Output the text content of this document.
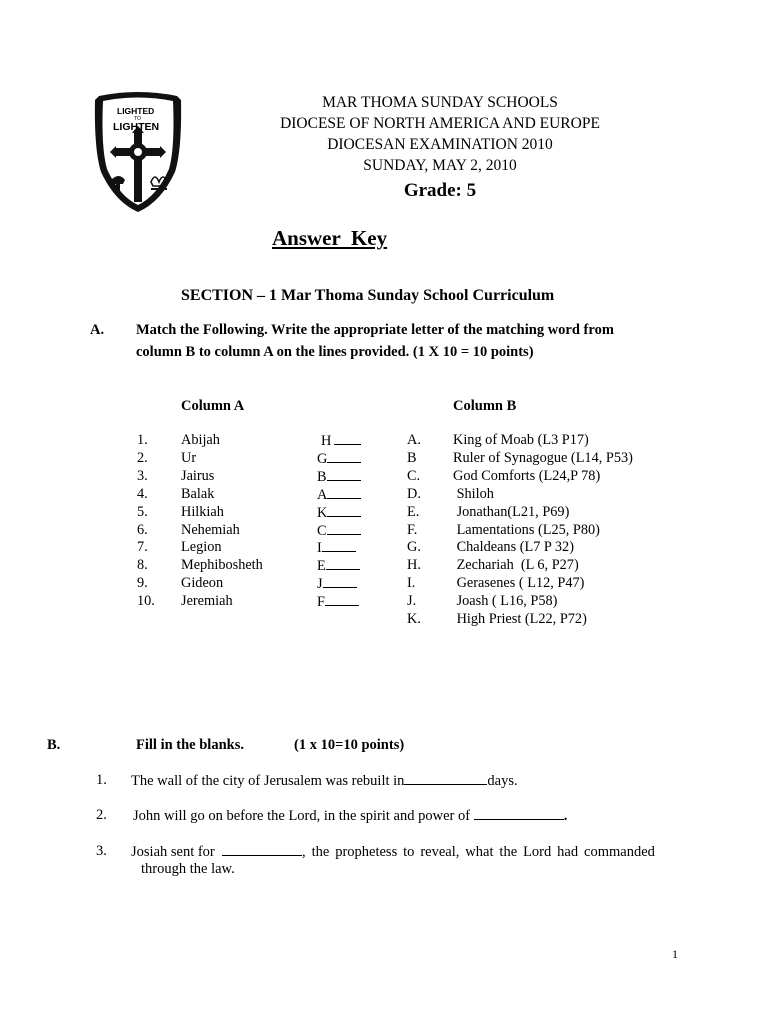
LIGHTED
TO
LIGHTEN
MAR THOMA SUNDAY SCHOOLS
DIOCESE OF NORTH AMERICA AND EUROPE
DIOCESAN EXAMINATION 2010
SUNDAY, MAY 2, 2010
Grade: 5
Answer  Key
SECTION – 1 Mar Thoma Sunday School Curriculum
A. Match the Following. Write the appropriate letter of the matching word from
column B to column A on the lines provided. (1 X 10 = 10 points)
Column A	Column B
1. Abijah	H
2. Ur	G
3. Jairus	B
4. Balak	A
5. Hilkiah	K
6. Nehemiah	C
7. Legion	I
8. Mephibosheth	E
9. Gideon	J
10. Jeremiah	F
A. King of Moab (L3 P17)
B	Ruler of Synagogue (L14, P53)
C. God Comforts (L24,P 78)
D. Shiloh
E. Jonathan(L21, P69)
F. Lamentations (L25, P80)
G. Chaldeans (L7 P 32)
H. Zechariah  (L 6, P27)
I.	Gerasenes ( L12, P47)
J.	Joash ( L16, P58)
K. High Priest (L22, P72)
B.	Fill in the blanks.	(1 x 10=10 points)
1. The wall of the city of Jerusalem was rebuilt in	days.
2. John will go on before the Lord, in the spirit and power of	.
3. Josiah sent for	, the prophetess to reveal, what the Lord had commanded
through the law.
1
